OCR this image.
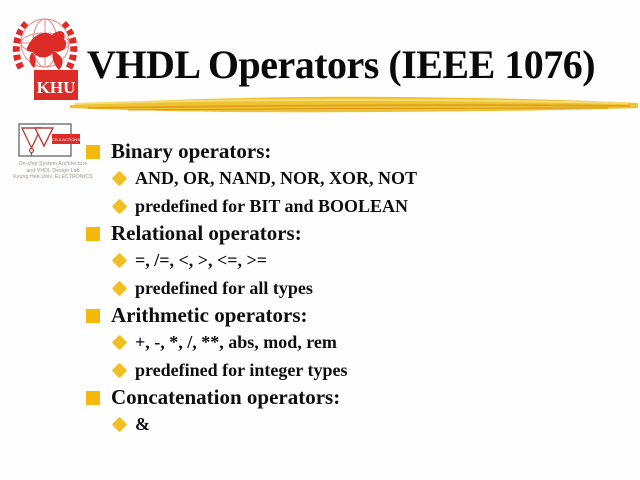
KHU
VHDL Operators (IEEE 1076)
CS & ACTIONS
On-chip System Architecture
and VHDL Design Lab
Kyung Hee Univ. ELECTRONICS
Binary operators:
AND, OR, NAND, NOR, XOR, NOT
predefined for BIT and BOOLEAN
Relational operators:
=, /=, <, >, <=, >=
predefined for all types
Arithmetic operators:
+, -, *, /, **, abs, mod, rem
predefined for integer types
Concatenation operators:
&
